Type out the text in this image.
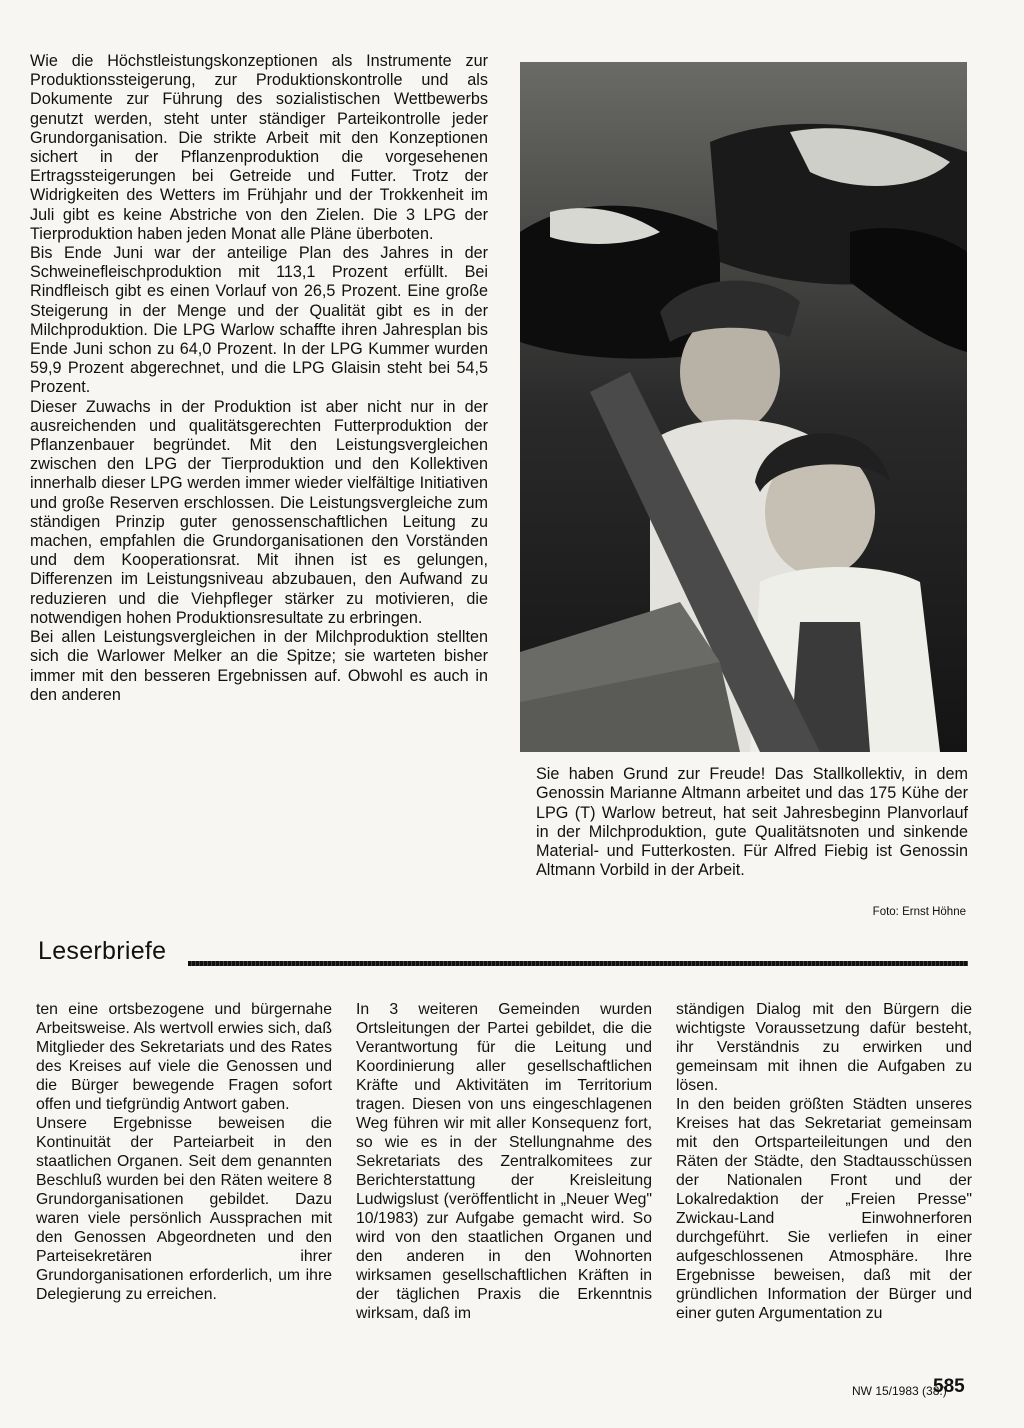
Wie die Höchstleistungskonzeptionen als Instrumente zur Produktionssteigerung, zur Produktionskontrolle und als Dokumente zur Führung des sozialistischen Wettbewerbs genutzt werden, steht unter ständiger Parteikontrolle jeder Grundorganisation. Die strikte Arbeit mit den Konzeptionen sichert in der Pflanzenproduktion die vorgesehenen Ertragssteigerungen bei Getreide und Futter. Trotz der Widrigkeiten des Wetters im Frühjahr und der Trokkenheit im Juli gibt es keine Abstriche von den Zielen. Die 3 LPG der Tierproduktion haben jeden Monat alle Pläne überboten.

Bis Ende Juni war der anteilige Plan des Jahres in der Schweinefleischproduktion mit 113,1 Prozent erfüllt. Bei Rindfleisch gibt es einen Vorlauf von 26,5 Prozent. Eine große Steigerung in der Menge und der Qualität gibt es in der Milchproduktion. Die LPG Warlow schaffte ihren Jahresplan bis Ende Juni schon zu 64,0 Prozent. In der LPG Kummer wurden 59,9 Prozent abgerechnet, und die LPG Glaisin steht bei 54,5 Prozent.

Dieser Zuwachs in der Produktion ist aber nicht nur in der ausreichenden und qualitätsgerechten Futterproduktion der Pflanzenbauer begründet. Mit den Leistungsvergleichen zwischen den LPG der Tierproduktion und den Kollektiven innerhalb dieser LPG werden immer wieder vielfältige Initiativen und große Reserven erschlossen. Die Leistungsvergleiche zum ständigen Prinzip guter genossenschaftlichen Leitung zu machen, empfahlen die Grundorganisationen den Vorständen und dem Kooperationsrat. Mit ihnen ist es gelungen, Differenzen im Leistungsniveau abzubauen, den Aufwand zu reduzieren und die Viehpfleger stärker zu motivieren, die notwendigen hohen Produktionsresultate zu erbringen.

Bei allen Leistungsvergleichen in der Milchproduktion stellten sich die Warlower Melker an die Spitze; sie warteten bisher immer mit den besseren Ergebnissen auf. Obwohl es auch in den anderen

Sie haben Grund zur Freude! Das Stallkollektiv, in dem Genossin Marianne Altmann arbeitet und das 175 Kühe der LPG (T) Warlow betreut, hat seit Jahresbeginn Planvorlauf in der Milchproduktion, gute Qualitätsnoten und sinkende Material- und Futterkosten. Für Alfred Fiebig ist Genossin Altmann Vorbild in der Arbeit.
Foto: Ernst Höhne
Leserbriefe

ten eine ortsbezogene und bürgernahe Arbeitsweise. Als wertvoll erwies sich, daß Mitglieder des Sekretariats und des Rates des Kreises auf viele die Genossen und die Bürger bewegende Fragen sofort offen und tiefgründig Antwort gaben.

Unsere Ergebnisse beweisen die Kontinuität der Parteiarbeit in den staatlichen Organen. Seit dem genannten Beschluß wurden bei den Räten weitere 8 Grundorganisationen gebildet. Dazu waren viele persönlich Aussprachen mit den Genossen Abgeordneten und den Parteisekretären ihrer Grundorganisationen erforderlich, um ihre Delegierung zu erreichen.

In 3 weiteren Gemeinden wurden Ortsleitungen der Partei gebildet, die die Verantwortung für die Leitung und Koordinierung aller gesellschaftlichen Kräfte und Aktivitäten im Territorium tragen. Diesen von uns eingeschlagenen Weg führen wir mit aller Konsequenz fort, so wie es in der Stellungnahme des Sekretariats des Zentralkomitees zur Berichterstattung der Kreisleitung Ludwigslust (veröffentlicht in „Neuer Weg" 10/1983) zur Aufgabe gemacht wird. So wird von den staatlichen Organen und den anderen in den Wohnorten wirksamen gesellschaftlichen Kräften in der täglichen Praxis die Erkenntnis wirksam, daß im

ständigen Dialog mit den Bürgern die wichtigste Voraussetzung dafür besteht, ihr Verständnis zu erwirken und gemeinsam mit ihnen die Aufgaben zu lösen.

In den beiden größten Städten unseres Kreises hat das Sekretariat gemeinsam mit den Ortsparteileitungen und den Räten der Städte, den Stadtausschüssen der Nationalen Front und der Lokalredaktion der „Freien Presse" Zwickau-Land Einwohnerforen durchgeführt. Sie verliefen in einer aufgeschlossenen Atmosphäre. Ihre Ergebnisse beweisen, daß mit der gründlichen Information der Bürger und einer guten Argumentation zu

NW 15/1983 (38.)
585
